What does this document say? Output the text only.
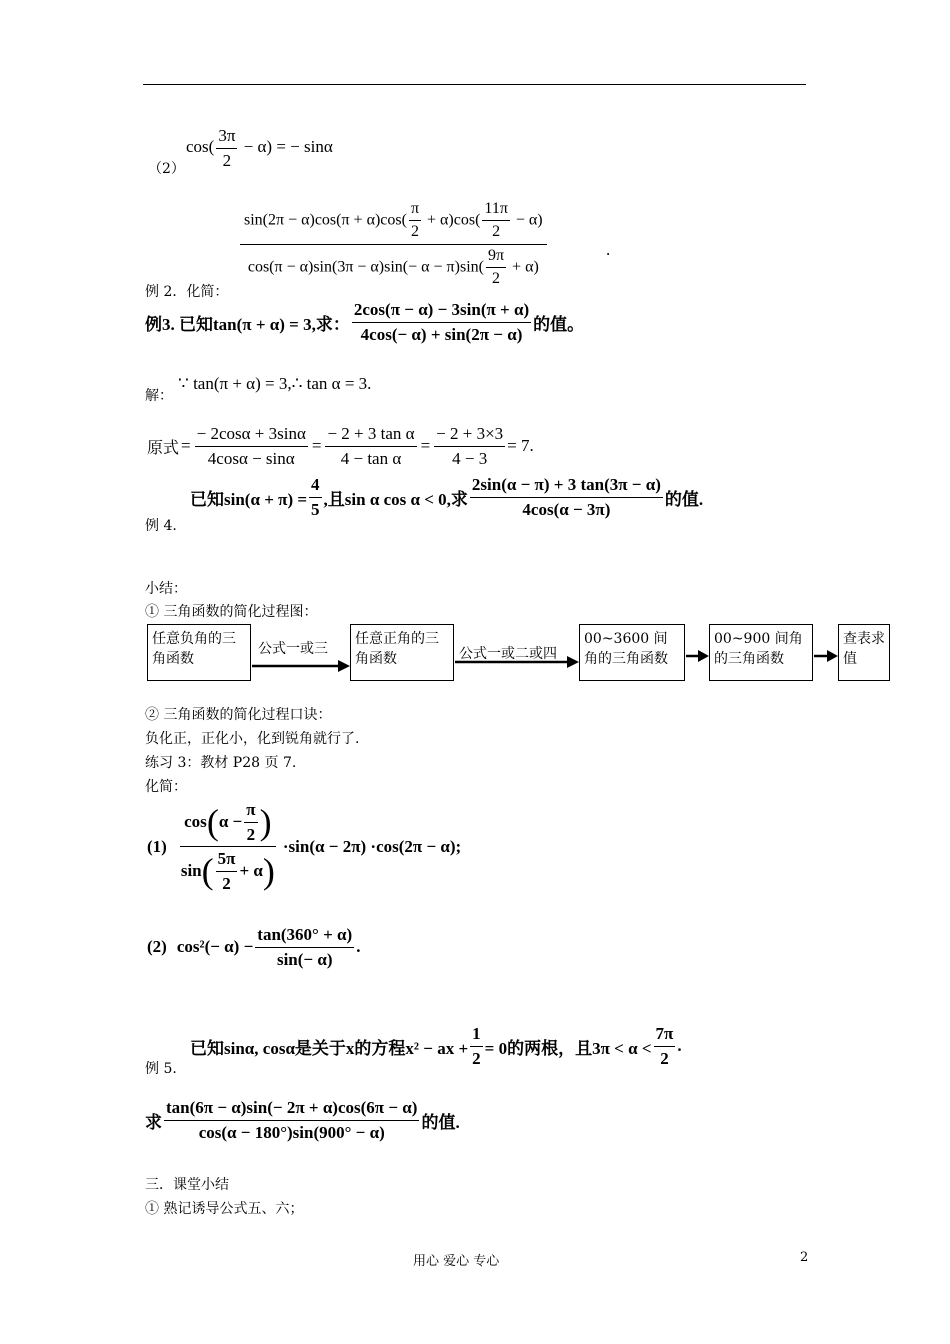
（2）
$\cos( \frac{3\pi}{2} - \alpha)$ = − sinα
$\frac{\sin(2\pi - \alpha)\cos(\pi + \alpha)\cos( \frac{\pi}{2} + \alpha)\cos( \frac{11\pi}{2} - \alpha)}{\cos(\pi - \alpha)\sin(3\pi - \alpha)\sin(- \alpha - \pi)\sin( \frac{9\pi}{2} + \alpha)}$	.
例 2．化简：
例3. 已知tan(π + α) = 3,求： $\frac{2\cos(\pi - \alpha) - 3\sin(\pi + \alpha)}{4\cos(- \alpha) + \sin(2\pi - \alpha)}$ 的值。
解：
∵ tan(π + α) = 3,∴ tan α = 3.
原式 = $\frac{- 2\cos\alpha + 3\sin\alpha}{4\cos\alpha - \sin\alpha} = \frac{\text{− 2 + 3 tan α}}{\text{4 − tan α}} = \frac{- 2 + 3\times 3}{4 - 3} = 7$.
已知$\sin(\alpha + \pi) = \frac{4}{5}$ ,且sin α cos α < 0,求 $\frac{2\sin(\alpha - \pi) + 3 \tan(3\pi - \alpha)}{4\cos(\alpha - 3\pi)}$ 的值.
例 4.
小结：
① 三角函数的简化过程图：
任意负角的三角函数
公式一或三
任意正角的三角函数	公式一或二或四
00~3600 间角的三角函数
00~900 间角的三角函数
查表求值
② 三角函数的简化过程口诀：
负化正，正化小，化到锐角就行了.
练习 3：教材 P28 页 7.
化简：
(1)
cos ( $\alpha - \frac{\pi}{2}$ )
sin ( $\frac{5\pi}{2} + \alpha$ )
·sin(α − 2π) ·cos(2π − α);
(2) $\cos^2(- \alpha) - \frac{\tan(360^\circ + \alpha)}{\sin(- \alpha)}$ .
已知sinα, cosα是关于x的方程x² − ax + $\frac{1}{2} = 0$的两根，且$3\pi < \alpha < \frac{7\pi}{2}$ .
例 5.
求 $\frac{\tan(6\pi - \alpha)\sin(- 2\pi + \alpha)\cos(6\pi - \alpha)}{\cos(\alpha - 180^\circ)\sin(900^\circ - \alpha)}$ 的值.
三．课堂小结
① 熟记诱导公式五、六；
用心 爱心 专心	2
